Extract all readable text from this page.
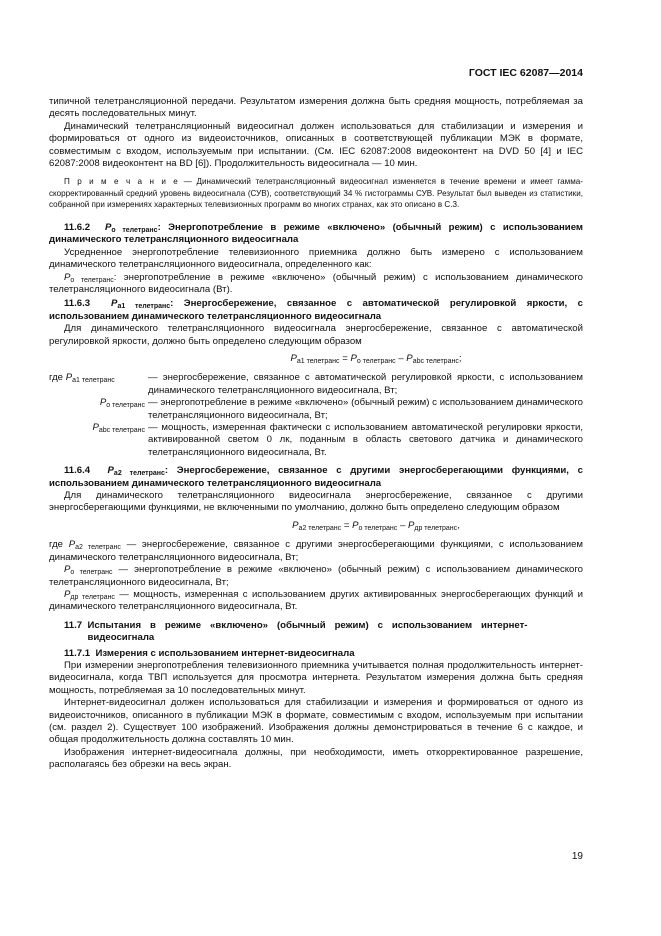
ГОСТ IEC 62087—2014

типичной телетрансляционной передачи. Результатом измерения должна быть средняя мощность, потребляемая за десять последовательных минут.

Динамический телетрансляционный видеосигнал должен использоваться для стабилизации и измерения и формироваться от одного из видеоисточников, описанных в соответствующей публикации МЭК в формате, совместимым с входом, используемым при испытании. (См. IEC 62087:2008 видеоконтент на DVD 50 [4] и IEC 62087:2008 видеоконтент на BD [6]). Продолжительность видеосигнала — 10 мин.

П р и м е ч а н и е — Динамический телетрансляционный видеосигнал изменяется в течение времени и имеет гамма-скорректированный средний уровень видеосигнала (СУВ), соответствующий 34 % гистограммы СУВ. Результат был выведен из статистики, собранной при измерениях характерных телевизионных программ во многих странах, как это описано в С.3.

11.6.2 $P_{о телетранс}$: Энергопотребление в режиме «включено» (обычный режим) с использованием динамического телетрансляционного видеосигнала

Усредненное энергопотребление телевизионного приемника должно быть измерено с использованием динамического телетрансляционного видеосигнала, определенного как:

$P_{о телетранс}$: энергопотребление в режиме «включено» (обычный режим) с использованием динамического телетрансляционного видеосигнала (Вт).

11.6.3 $P_{a1 телетранс}$: Энергосбережение, связанное с автоматической регулировкой яркости, с использованием динамического телетрансляционного видеосигнала

Для динамического телетрансляционного видеосигнала энергосбережение, связанное с автоматической регулировкой яркости, должно быть определено следующим образом

$P_{a1 телетранс} = P_{о телетранс} - P_{abc телетранс}$;
где $P_{a1 телетранс}$	— энергосбережение, связанное с автоматической регулировкой яркости, с использованием динамического телетрансляционного видеосигнала, Вт;
$P_{о телетранс}$ — энергопотребление в режиме «включено» (обычный режим) с использованием динамического телетрансляционного видеосигнала, Вт;
$P_{abc телетранс}$ — мощность, измеренная фактически с использованием автоматической регулировки яркости, активированной светом 0 лк, поданным в область светового датчика и динамического телетрансляционного видеосигнала, Вт.

11.6.4 $P_{a2 телетранс}$: Энергосбережение, связанное с другими энергосберегающими функциями, с использованием динамического телетрансляционного видеосигнала

Для динамического телетрансляционного видеосигнала энергосбережение, связанное с другими энергосберегающими функциями, не включенными по умолчанию, должно быть определено следующим образом

$P_{a2 телетранс} = P_{о телетранс} - P_{др телетранс}$,

где $P_{a2 телетранс}$ — энергосбережение, связанное с другими энергосберегающими функциями, с использованием динамического телетрансляционного видеосигнала, Вт;

$P_{о телетранс}$ — энергопотребление в режиме «включено» (обычный режим) с использованием динамического телетрансляционного видеосигнала, Вт;

$P_{др телетранс}$ — мощность, измеренная с использованием других активированных энергосберегающих функций и динамического телетрансляционного видеосигнала, Вт.

11.7 Испытания в режиме «включено» (обычный режим) с использованием интернет-видеосигнала

11.7.1 Измерения с использованием интернет-видеосигнала

При измерении энергопотребления телевизионного приемника учитывается полная продолжительность интернет-видеосигнала, когда ТВП используется для просмотра интернета. Результатом измерения должна быть средняя мощность, потребляемая за 10 последовательных минут.

Интернет-видеосигнал должен использоваться для стабилизации и измерения и формироваться от одного из видеоисточников, описанного в публикации МЭК в формате, совместимым с входом, используемым при испытании (см. раздел 2). Существует 100 изображений. Изображения должны демонстрироваться в течение 6 с каждое, и общая продолжительность должна составлять 10 мин.

Изображения интернет-видеосигнала должны, при необходимости, иметь откорректированное разрешение, располагаясь без обрезки на весь экран.

19
